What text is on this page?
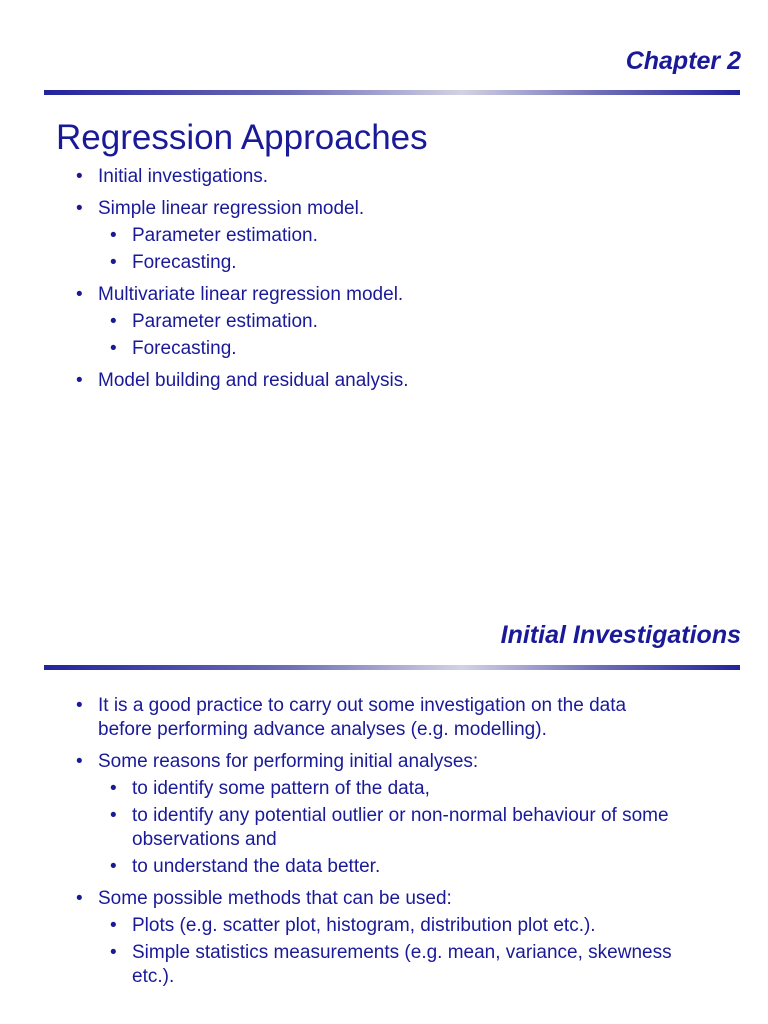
Chapter 2
Regression Approaches
• Initial investigations.
• Simple linear regression model.
• Parameter estimation.
• Forecasting.
• Multivariate linear regression model.
• Parameter estimation.
• Forecasting.
• Model building and residual analysis.
Initial Investigations
• It is a good practice to carry out some investigation on the data before performing advance analyses (e.g. modelling).
• Some reasons for performing initial analyses:
• to identify some pattern of the data,
• to identify any potential outlier or non-normal behaviour of some observations and
• to understand the data better.
• Some possible methods that can be used:
• Plots (e.g. scatter plot, histogram, distribution plot etc.).
• Simple statistics measurements (e.g. mean, variance, skewness etc.).
